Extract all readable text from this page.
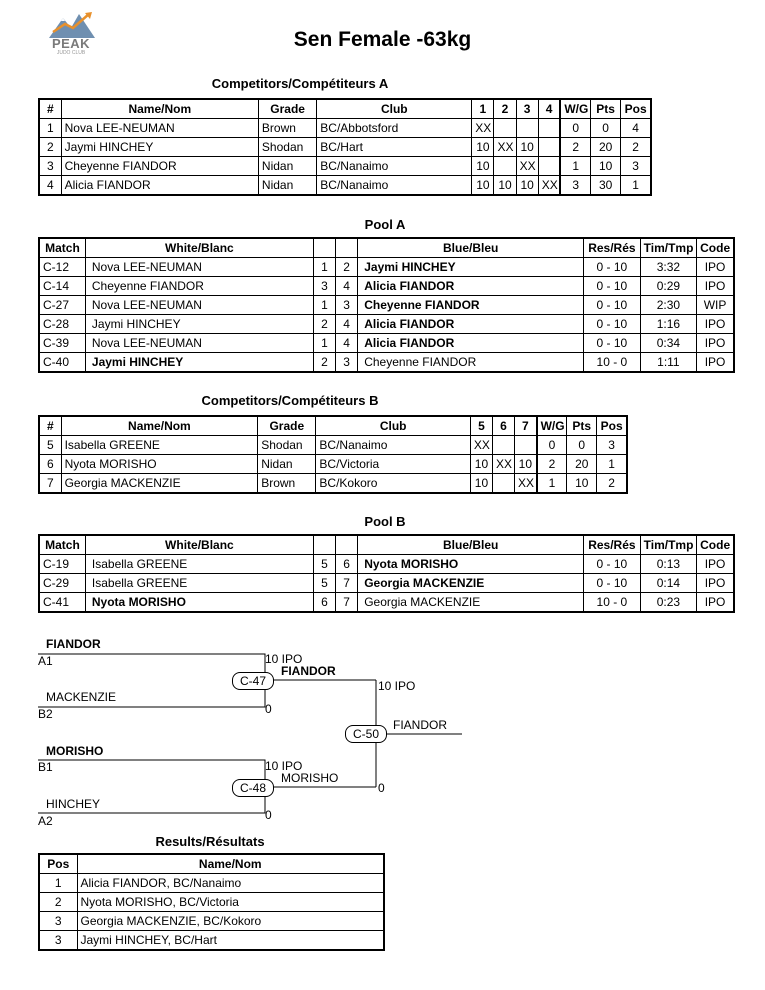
PEAK
JUDO CLUB
Sen Female -63kg
Competitors/Compétiteurs A
#	Name/Nom	Grade	Club	1	2	3	4	W/G	Pts	Pos
1	Nova LEE-NEUMAN	Brown	BC/Abbotsford	XX				0	0	4
2	Jaymi HINCHEY	Shodan	BC/Hart	10	XX	10		2	20	2
3	Cheyenne FIANDOR	Nidan	BC/Nanaimo	10		XX		1	10	3
4	Alicia FIANDOR	Nidan	BC/Nanaimo	10	10	10	XX	3	30	1
Pool A
Match	White/Blanc			Blue/Bleu	Res/Rés	Tim/Tmp	Code
C-12	Nova LEE-NEUMAN	1	2	Jaymi HINCHEY	0 - 10	3:32	IPO
C-14	Cheyenne FIANDOR	3	4	Alicia FIANDOR	0 - 10	0:29	IPO
C-27	Nova LEE-NEUMAN	1	3	Cheyenne FIANDOR	0 - 10	2:30	WIP
C-28	Jaymi HINCHEY	2	4	Alicia FIANDOR	0 - 10	1:16	IPO
C-39	Nova LEE-NEUMAN	1	4	Alicia FIANDOR	0 - 10	0:34	IPO
C-40	Jaymi HINCHEY	2	3	Cheyenne FIANDOR	10 - 0	1:11	IPO
Competitors/Compétiteurs B
#	Name/Nom	Grade	Club	5	6	7	W/G	Pts	Pos
5	Isabella GREENE	Shodan	BC/Nanaimo	XX			0	0	3
6	Nyota MORISHO	Nidan	BC/Victoria	10	XX	10	2	20	1
7	Georgia MACKENZIE	Brown	BC/Kokoro	10		XX	1	10	2
Pool B
Match	White/Blanc			Blue/Bleu	Res/Rés	Tim/Tmp	Code
C-19	Isabella GREENE	5	6	Nyota MORISHO	0 - 10	0:13	IPO
C-29	Isabella GREENE	5	7	Georgia MACKENZIE	0 - 10	0:14	IPO
C-41	Nyota MORISHO	6	7	Georgia MACKENZIE	10 - 0	0:23	IPO
FIANDOR
A1	10 IPO
MACKENZIE
B2	0
C-47
FIANDOR
MORISHO
B1	10 IPO
HINCHEY
A2	0
C-48
MORISHO
10 IPO
0
C-50
FIANDOR
Results/Résultats
Pos	Name/Nom
1	Alicia FIANDOR, BC/Nanaimo
2	Nyota MORISHO, BC/Victoria
3	Georgia MACKENZIE, BC/Kokoro
3	Jaymi HINCHEY, BC/Hart
